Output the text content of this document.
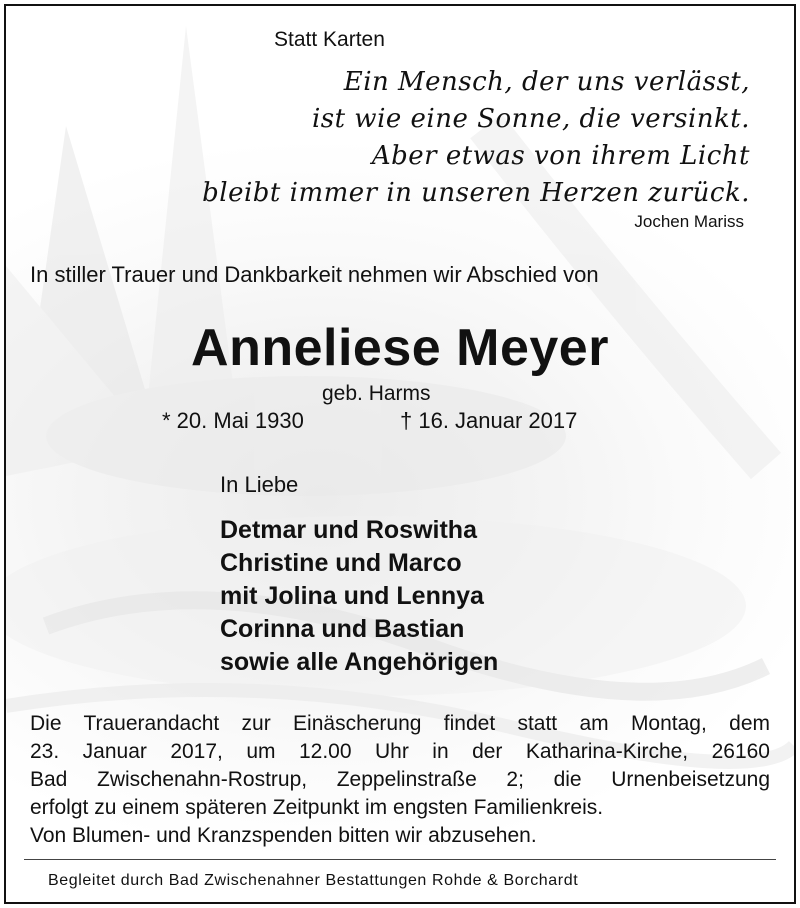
Statt Karten
Ein Mensch, der uns verlässt,
ist wie eine Sonne, die versinkt.
Aber etwas von ihrem Licht
bleibt immer in unseren Herzen zurück.
Jochen Mariss
In stiller Trauer und Dankbarkeit nehmen wir Abschied von
Anneliese Meyer
geb. Harms
* 20. Mai 1930	† 16. Januar 2017
In Liebe
Detmar und Roswitha
Christine und Marco
mit Jolina und Lennya
Corinna und Bastian
sowie alle Angehörigen
Die Trauerandacht zur Einäscherung findet statt am Montag, dem
23. Januar 2017, um 12.00 Uhr in der Katharina-Kirche, 26160
Bad Zwischenahn-Rostrup, Zeppelinstraße 2; die Urnenbeisetzung
erfolgt zu einem späteren Zeitpunkt im engsten Familienkreis.
Von Blumen- und Kranzspenden bitten wir abzusehen.
Begleitet durch Bad Zwischenahner Bestattungen Rohde & Borchardt
